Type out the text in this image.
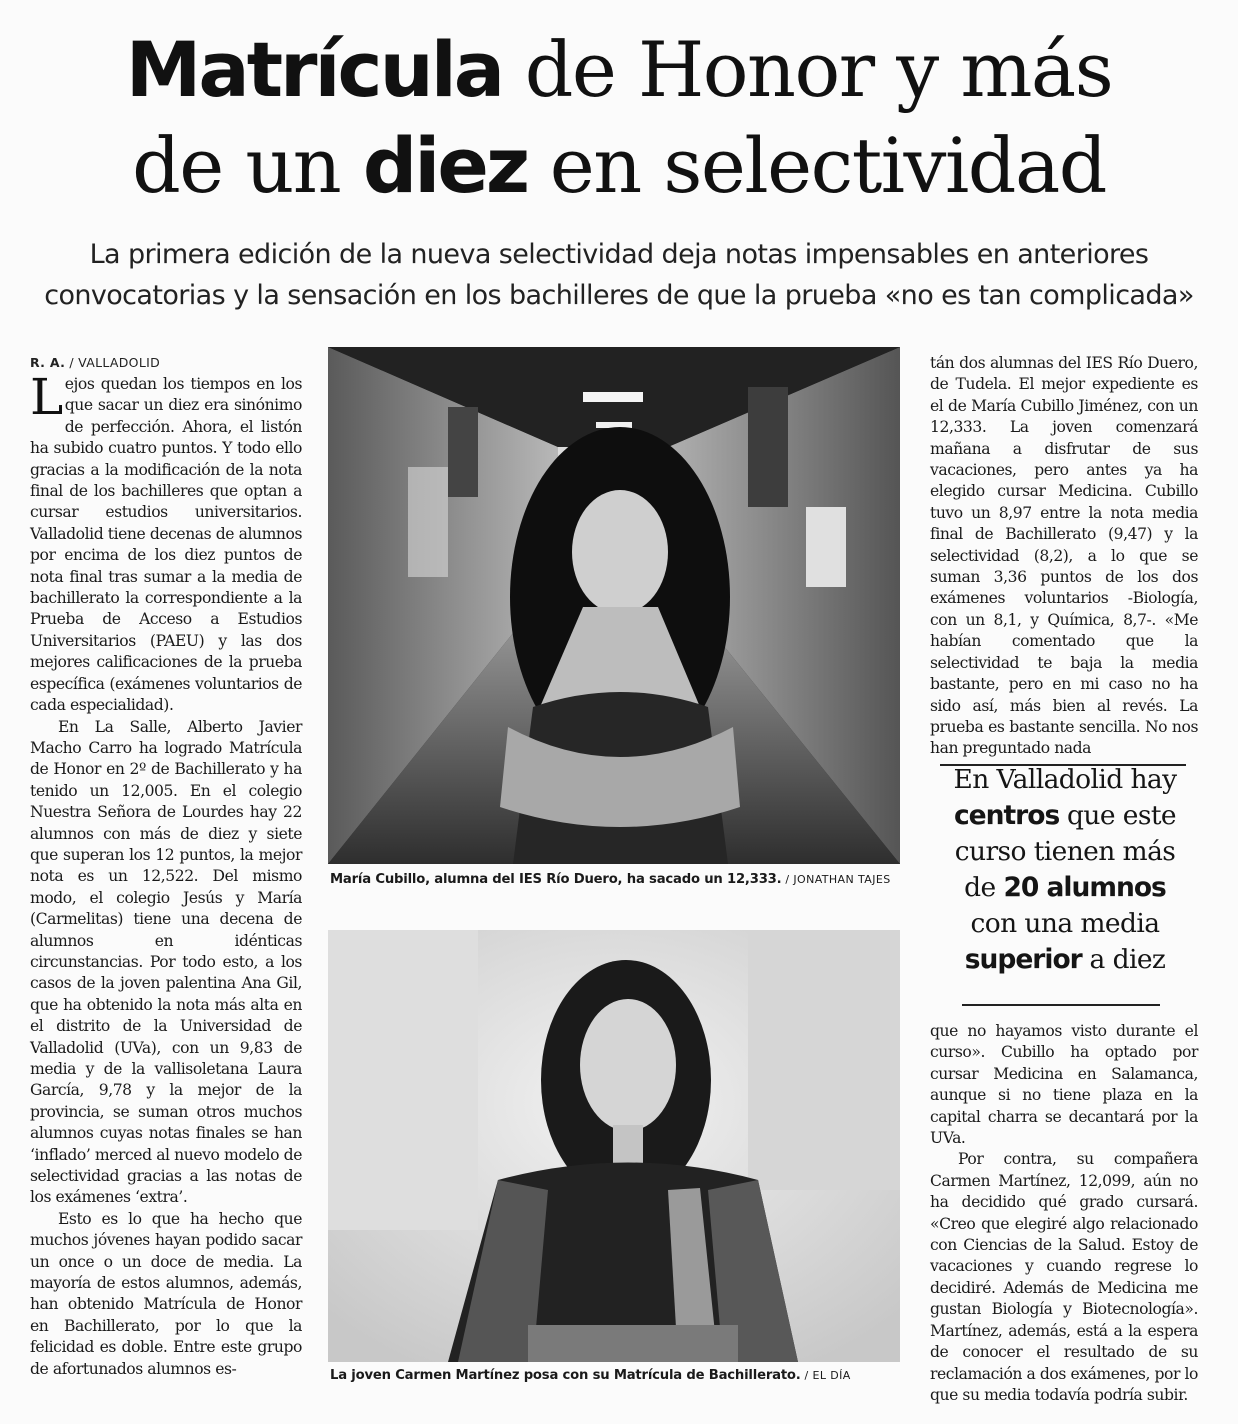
Matrícula de Honor y más
de un diez en selectividad

La primera edición de la nueva selectividad deja notas impensables en anteriores convocatorias y la sensación en los bachilleres de que la prueba «no es tan complicada»

R. A. / VALLADOLID

Lejos quedan los tiempos en los que sacar un diez era sinónimo de perfección. Ahora, el listón ha subido cuatro puntos. Y todo ello gracias a la modificación de la nota final de los bachilleres que optan a cursar estudios universitarios. Valladolid tiene decenas de alumnos por encima de los diez puntos de nota final tras sumar a la media de bachillerato la correspondiente a la Prueba de Acceso a Estudios Universitarios (PAEU) y las dos mejores calificaciones de la prueba específica (exámenes voluntarios de cada especialidad).

En La Salle, Alberto Javier Macho Carro ha logrado Matrícula de Honor en 2º de Bachillerato y ha tenido un 12,005. En el colegio Nuestra Señora de Lourdes hay 22 alumnos con más de diez y siete que superan los 12 puntos, la mejor nota es un 12,522. Del mismo modo, el colegio Jesús y María (Carmelitas) tiene una decena de alumnos en idénticas circunstancias. Por todo esto, a los casos de la joven palentina Ana Gil, que ha obtenido la nota más alta en el distrito de la Universidad de Valladolid (UVa), con un 9,83 de media y de la vallisoletana Laura García, 9,78 y la mejor de la provincia, se suman otros muchos alumnos cuyas notas finales se han ‘inflado’ merced al nuevo modelo de selectividad gracias a las notas de los exámenes ‘extra’.

Esto es lo que ha hecho que muchos jóvenes hayan podido sacar un once o un doce de media. La mayoría de estos alumnos, además, han obtenido Matrícula de Honor en Bachillerato, por lo que la felicidad es doble. Entre este grupo de afortunados alumnos es-

María Cubillo, alumna del IES Río Duero, ha sacado un 12,333. / JONATHAN TAJES
La joven Carmen Martínez posa con su Matrícula de Bachillerato. / EL DÍA

tán dos alumnas del IES Río Duero, de Tudela. El mejor expediente es el de María Cubillo Jiménez, con un 12,333. La joven comenzará mañana a disfrutar de sus vacaciones, pero antes ya ha elegido cursar Medicina. Cubillo tuvo un 8,97 entre la nota media final de Bachillerato (9,47) y la selectividad (8,2), a lo que se suman 3,36 puntos de los dos exámenes voluntarios -Biología, con un 8,1, y Química, 8,7-. «Me habían comentado que la selectividad te baja la media bastante, pero en mi caso no ha sido así, más bien al revés. La prueba es bastante sencilla. No nos han preguntado nada

En Valladolid hay
centros que este
curso tienen más
de 20 alumnos
con una media
superior a diez

que no hayamos visto durante el curso». Cubillo ha optado por cursar Medicina en Salamanca, aunque si no tiene plaza en la capital charra se decantará por la UVa.

Por contra, su compañera Carmen Martínez, 12,099, aún no ha decidido qué grado cursará. «Creo que elegiré algo relacionado con Ciencias de la Salud. Estoy de vacaciones y cuando regrese lo decidiré. Además de Medicina me gustan Biología y Biotecnología». Martínez, además, está a la espera de conocer el resultado de su reclamación a dos exámenes, por lo que su media todavía podría subir.
